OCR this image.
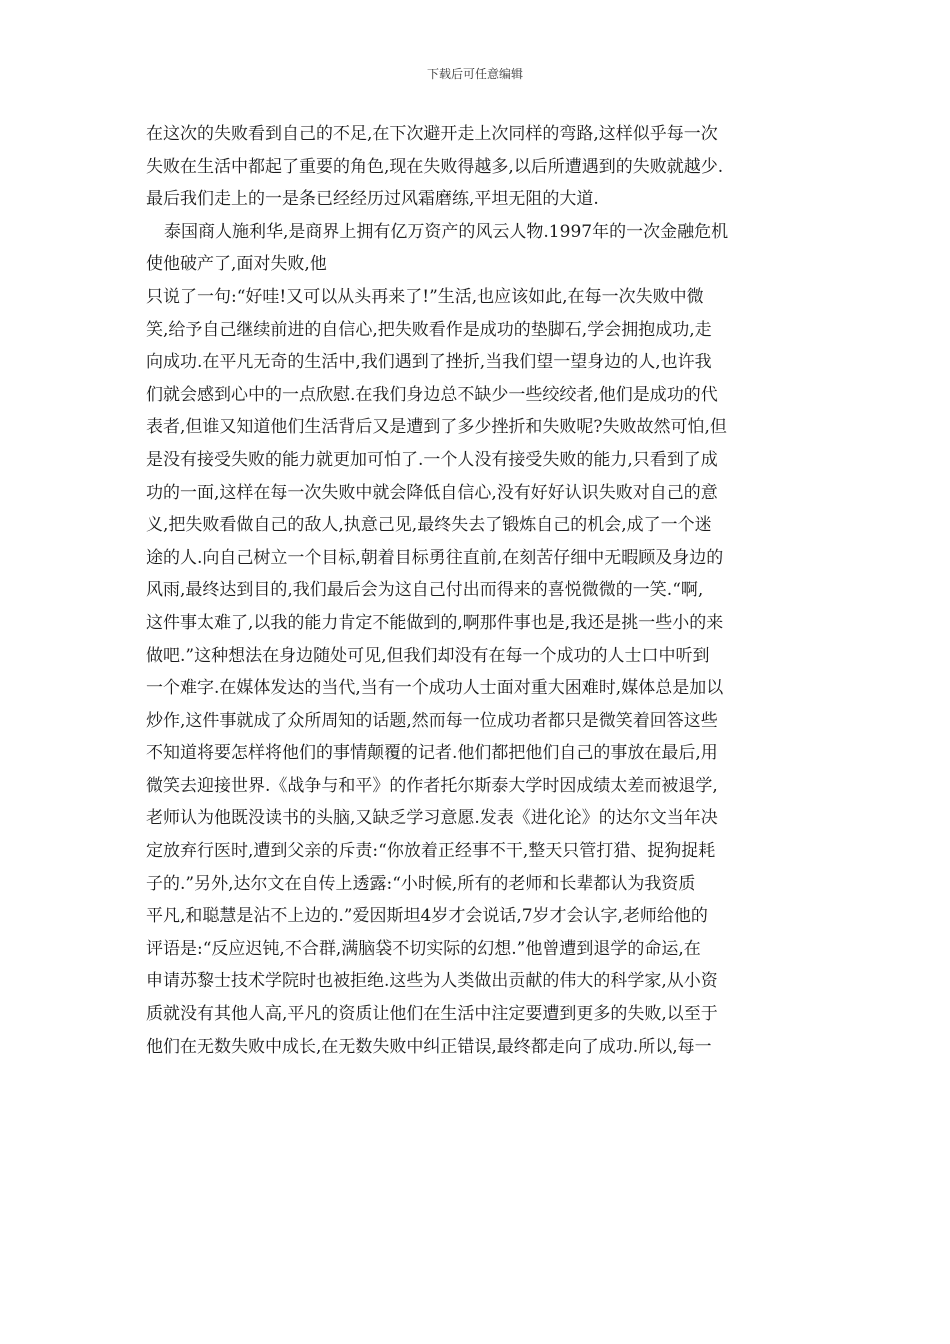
下载后可任意编辑
在这次的失败看到自己的不足,在下次避开走上次同样的弯路,这样似乎每一次
失败在生活中都起了重要的角色,现在失败得越多,以后所遭遇到的失败就越少.
最后我们走上的一是条已经经历过风霜磨练,平坦无阻的大道.
泰国商人施利华,是商界上拥有亿万资产的风云人物.1997年的一次金融危机
使他破产了,面对失败,他
只说了一句:“好哇!又可以从头再来了!”生活,也应该如此,在每一次失败中微
笑,给予自己继续前进的自信心,把失败看作是成功的垫脚石,学会拥抱成功,走
向成功.在平凡无奇的生活中,我们遇到了挫折,当我们望一望身边的人,也许我
们就会感到心中的一点欣慰.在我们身边总不缺少一些绞绞者,他们是成功的代
表者,但谁又知道他们生活背后又是遭到了多少挫折和失败呢?失败故然可怕,但
是没有接受失败的能力就更加可怕了.一个人没有接受失败的能力,只看到了成
功的一面,这样在每一次失败中就会降低自信心,没有好好认识失败对自己的意
义,把失败看做自己的敌人,执意己见,最终失去了锻炼自己的机会,成了一个迷
途的人.向自己树立一个目标,朝着目标勇往直前,在刻苦仔细中无暇顾及身边的
风雨,最终达到目的,我们最后会为这自己付出而得来的喜悦微微的一笑.“啊,
这件事太难了,以我的能力肯定不能做到的,啊那件事也是,我还是挑一些小的来
做吧.”这种想法在身边随处可见,但我们却没有在每一个成功的人士口中听到
一个难字.在媒体发达的当代,当有一个成功人士面对重大困难时,媒体总是加以
炒作,这件事就成了众所周知的话题,然而每一位成功者都只是微笑着回答这些
不知道将要怎样将他们的事情颠覆的记者.他们都把他们自己的事放在最后,用
微笑去迎接世界.《战争与和平》的作者托尔斯泰大学时因成绩太差而被退学,
老师认为他既没读书的头脑,又缺乏学习意愿.发表《进化论》的达尔文当年决
定放弃行医时,遭到父亲的斥责:“你放着正经事不干,整天只管打猎、捉狗捉耗
子的.”另外,达尔文在自传上透露:“小时候,所有的老师和长辈都认为我资质
平凡,和聪慧是沾不上边的.”爱因斯坦4岁才会说话,7岁才会认字,老师给他的
评语是:“反应迟钝,不合群,满脑袋不切实际的幻想.”他曾遭到退学的命运,在
申请苏黎士技术学院时也被拒绝.这些为人类做出贡献的伟大的科学家,从小资
质就没有其他人高,平凡的资质让他们在生活中注定要遭到更多的失败,以至于
他们在无数失败中成长,在无数失败中纠正错误,最终都走向了成功.所以,每一
